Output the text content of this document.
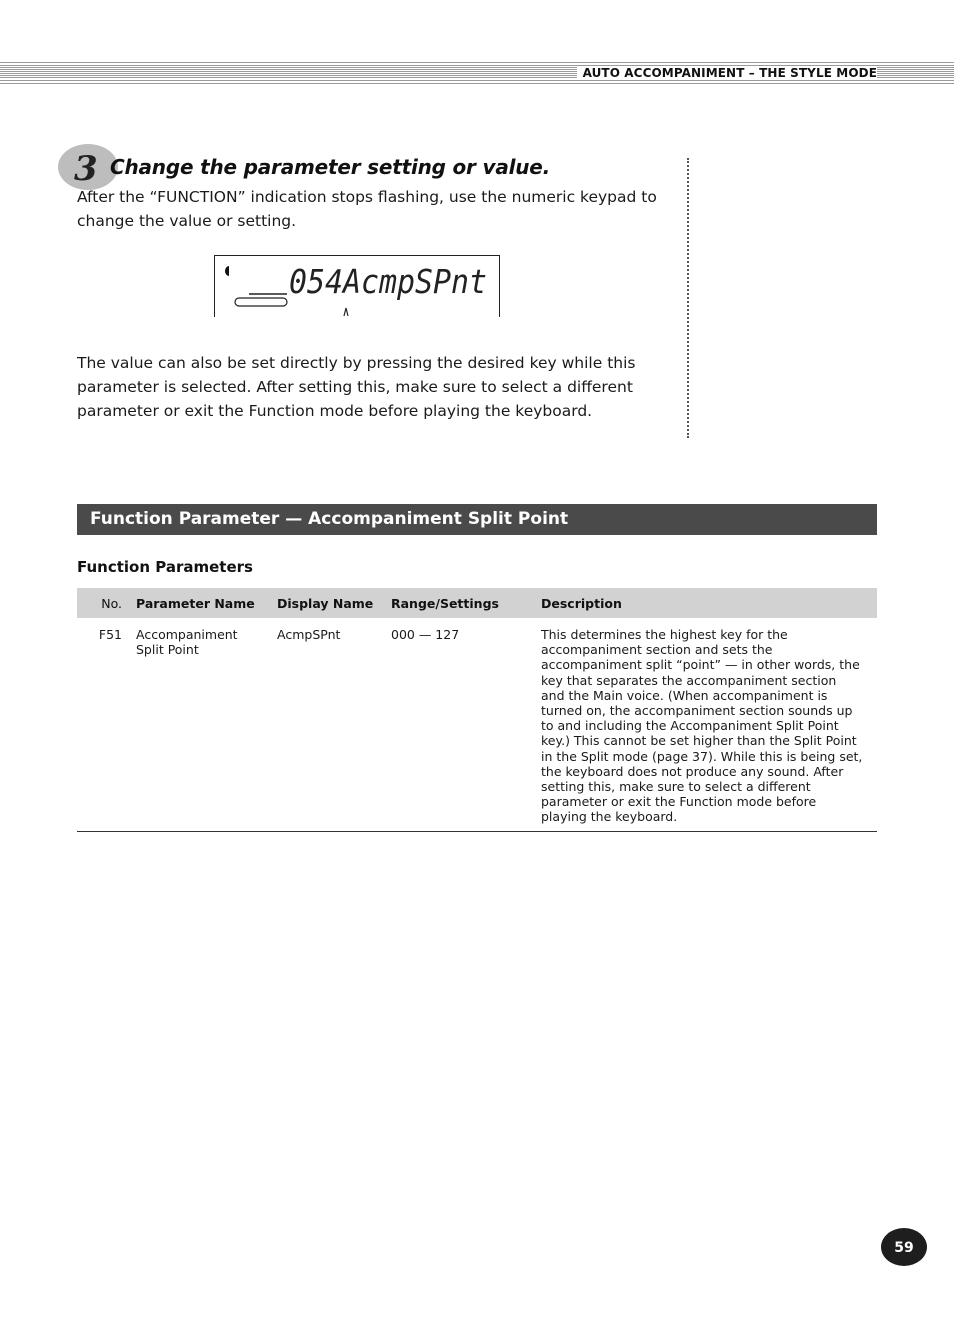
AUTO ACCOMPANIMENT – THE STYLE MODE
3 Change the parameter setting or value.
After the “FUNCTION” indication stops flashing, use the numeric keypad to change the value or setting.
054AcmpSPnt
The value can also be set directly by pressing the desired key while this parameter is selected. After setting this, make sure to select a different parameter or exit the Function mode before playing the keyboard.
Function Parameter — Accompaniment Split Point
Function Parameters
No.	Parameter Name	Display Name	Range/Settings	Description
F51	Accompaniment Split Point	AcmpSPnt	000 — 127	This determines the highest key for the accompaniment section and sets the accompaniment split “point” — in other words, the key that separates the accompaniment section and the Main voice. (When accompaniment is turned on, the accompaniment section sounds up to and including the Accompaniment Split Point key.) This cannot be set higher than the Split Point in the Split mode (page 37). While this is being set, the keyboard does not produce any sound. After setting this, make sure to select a different parameter or exit the Function mode before playing the keyboard.
59
